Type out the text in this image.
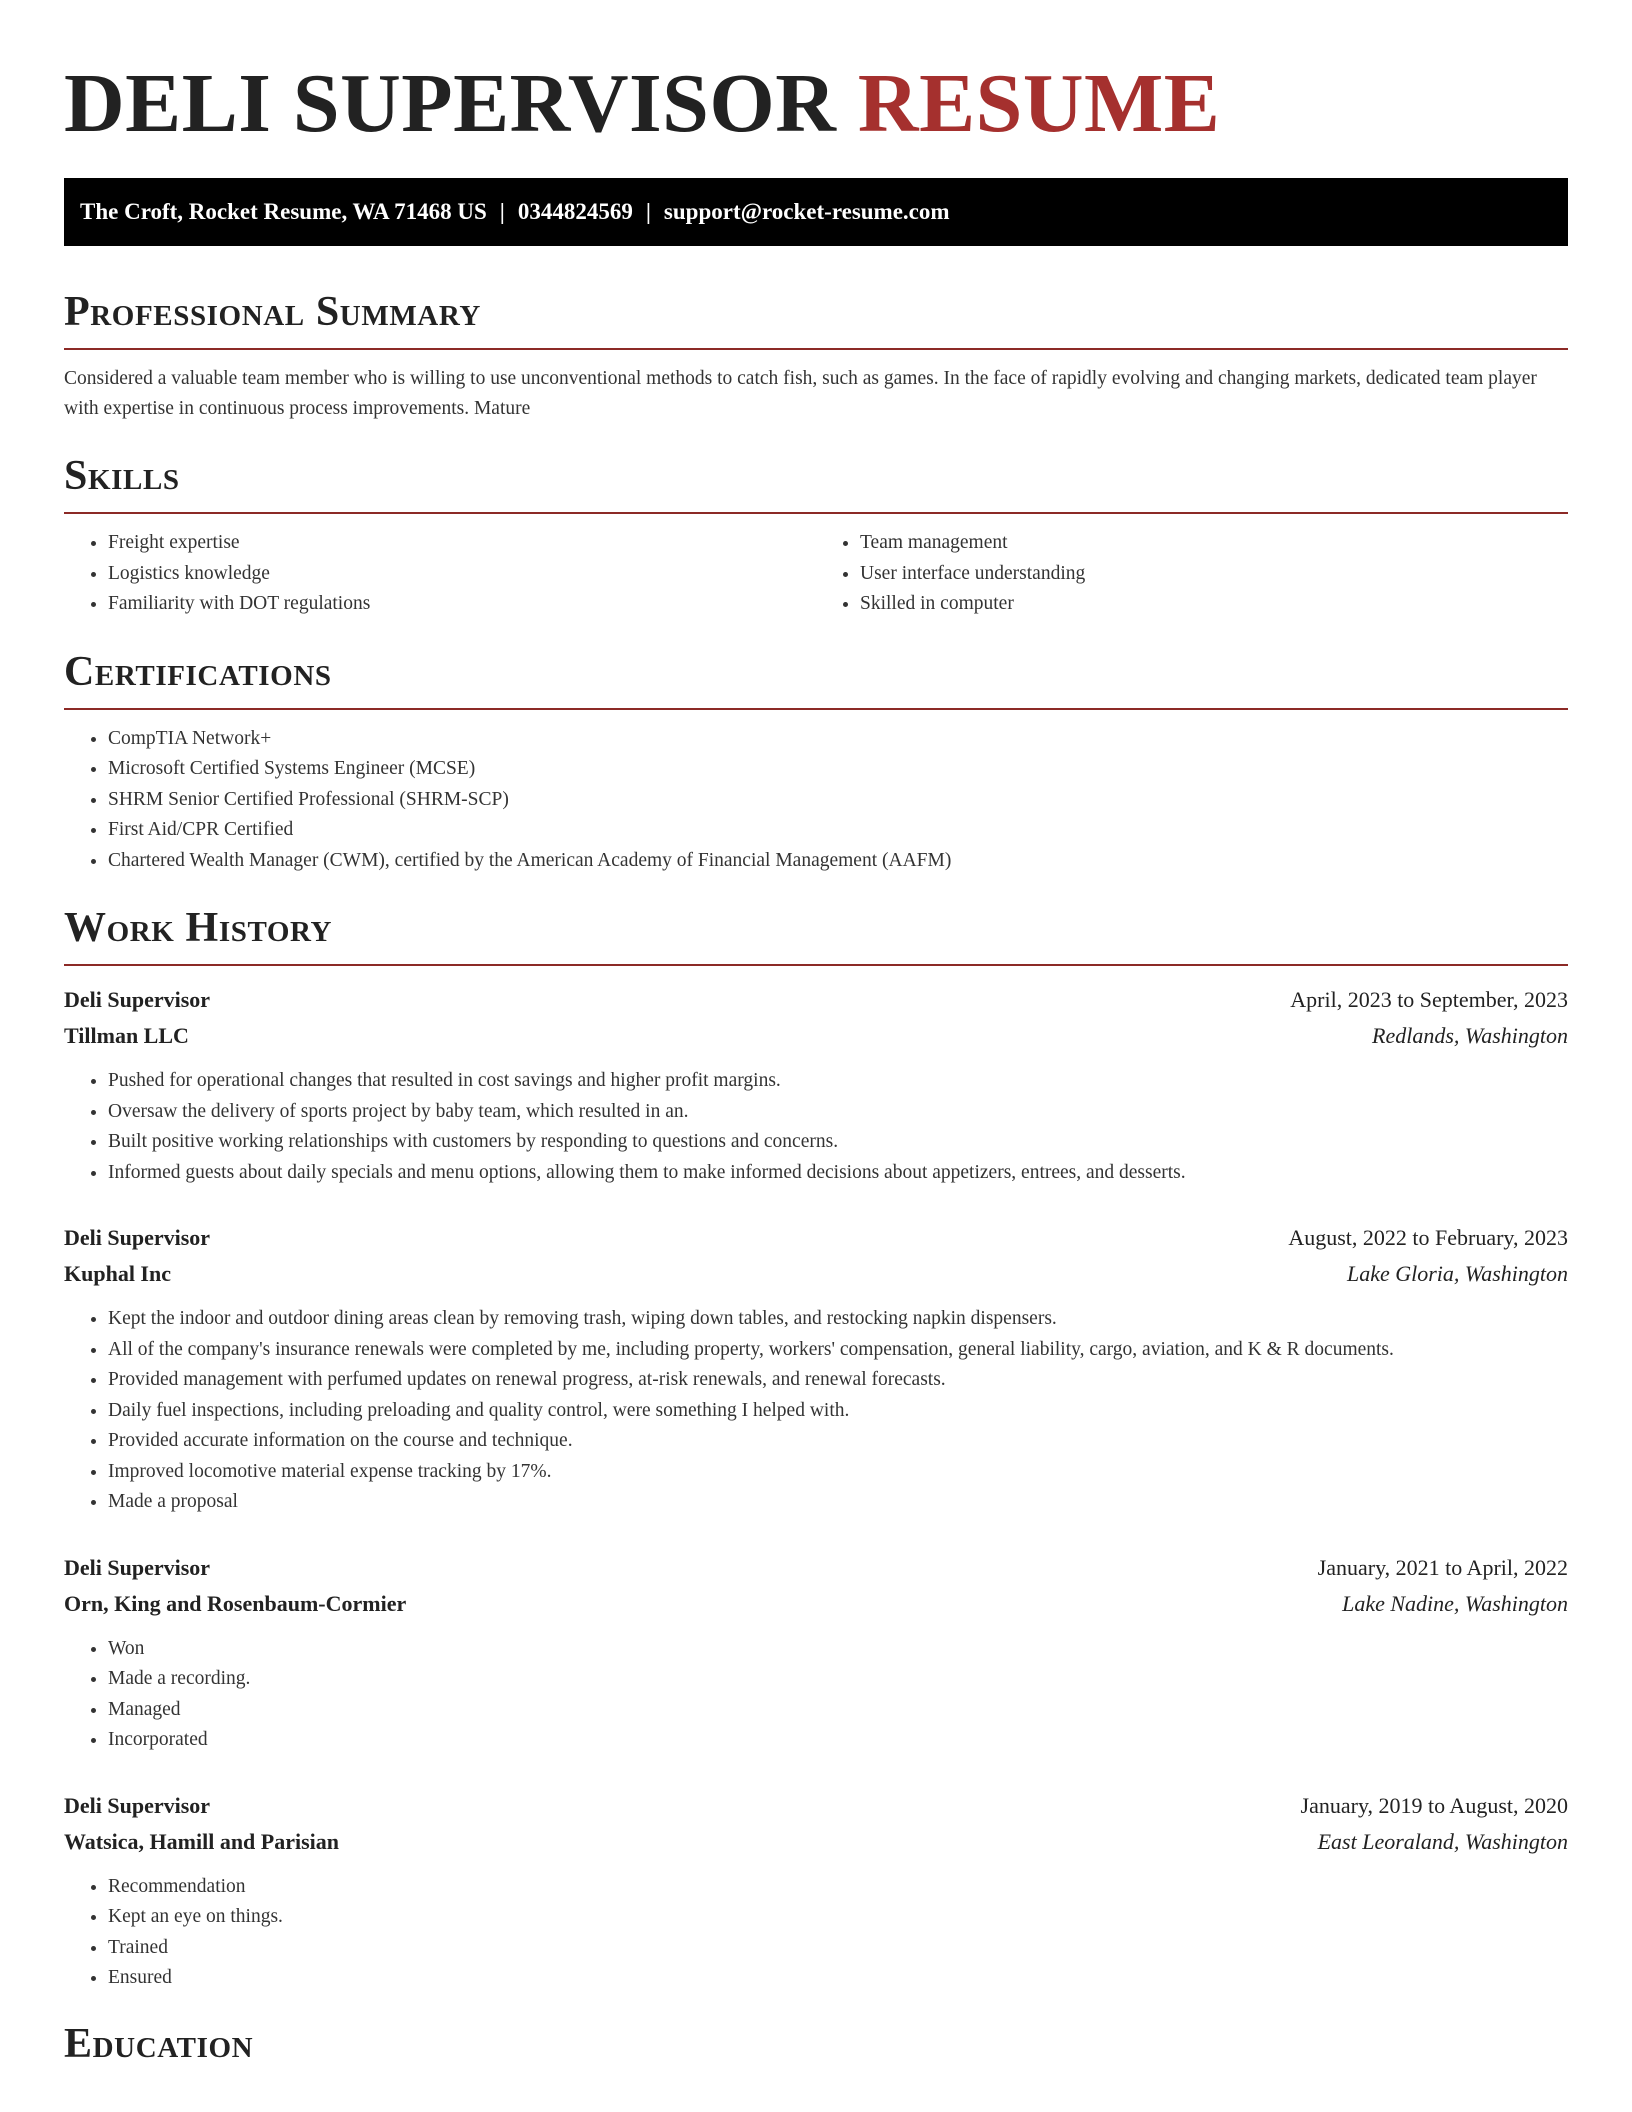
DELI SUPERVISOR RESUME
The Croft, Rocket Resume, WA 71468 US | 0344824569 | support@rocket-resume.com
Professional Summary

Considered a valuable team member who is willing to use unconventional methods to catch fish, such as games. In the face of rapidly evolving and changing markets, dedicated team player with expertise in continuous process improvements. Mature

Skills
• Freight expertise
• Logistics knowledge
• Familiarity with DOT regulations
• Team management
• User interface understanding
• Skilled in computer
Certifications
• CompTIA Network+
• Microsoft Certified Systems Engineer (MCSE)
• SHRM Senior Certified Professional (SHRM-SCP)
• First Aid/CPR Certified
• Chartered Wealth Manager (CWM), certified by the American Academy of Financial Management (AAFM)
Work History
Deli Supervisor	April, 2023 to September, 2023
Tillman LLC	Redlands, Washington
• Pushed for operational changes that resulted in cost savings and higher profit margins.
• Oversaw the delivery of sports project by baby team, which resulted in an.
• Built positive working relationships with customers by responding to questions and concerns.
• Informed guests about daily specials and menu options, allowing them to make informed decisions about appetizers, entrees, and desserts.
Deli Supervisor	August, 2022 to February, 2023
Kuphal Inc	Lake Gloria, Washington
• Kept the indoor and outdoor dining areas clean by removing trash, wiping down tables, and restocking napkin dispensers.
• All of the company's insurance renewals were completed by me, including property, workers' compensation, general liability, cargo, aviation, and K & R documents.
• Provided management with perfumed updates on renewal progress, at-risk renewals, and renewal forecasts.
• Daily fuel inspections, including preloading and quality control, were something I helped with.
• Provided accurate information on the course and technique.
• Improved locomotive material expense tracking by 17%.
• Made a proposal
Deli Supervisor	January, 2021 to April, 2022
Orn, King and Rosenbaum-Cormier	Lake Nadine, Washington
• Won
• Made a recording.
• Managed
• Incorporated
Deli Supervisor	January, 2019 to August, 2020
Watsica, Hamill and Parisian	East Leoraland, Washington
• Recommendation
• Kept an eye on things.
• Trained
• Ensured
Education
